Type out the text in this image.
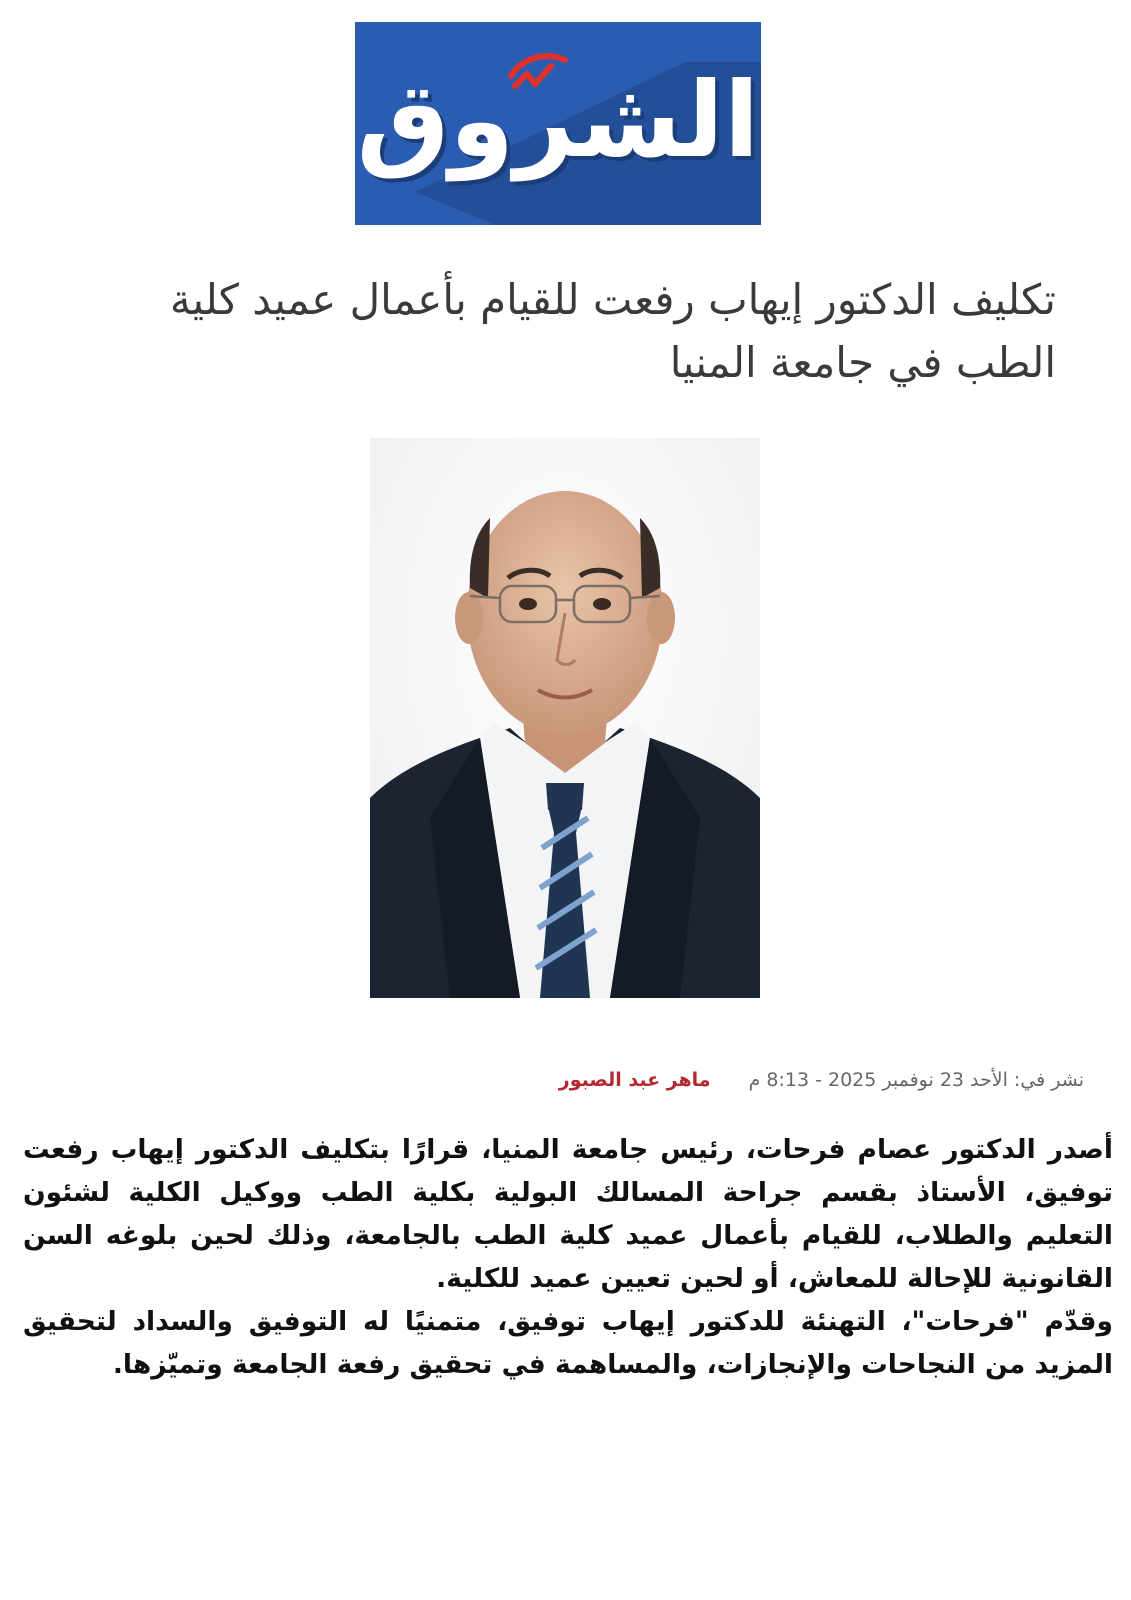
الشروق
تكليف الدكتور إيهاب رفعت للقيام بأعمال عميد كلية الطب في جامعة المنيا
نشر في: الأحد 23 نوفمبر 2025 - 8:13 م
ماهر عبد الصبور

أصدر الدكتور عصام فرحات، رئيس جامعة المنيا، قرارًا بتكليف الدكتور إيهاب رفعت توفيق، الأستاذ بقسم جراحة المسالك البولية بكلية الطب ووكيل الكلية لشئون التعليم والطلاب، للقيام بأعمال عميد كلية الطب بالجامعة، وذلك لحين بلوغه السن القانونية للإحالة للمعاش، أو لحين تعيين عميد للكلية.

وقدّم "فرحات"، التهنئة للدكتور إيهاب توفيق، متمنيًا له التوفيق والسداد لتحقيق المزيد من النجاحات والإنجازات، والمساهمة في تحقيق رفعة الجامعة وتميّزها.
